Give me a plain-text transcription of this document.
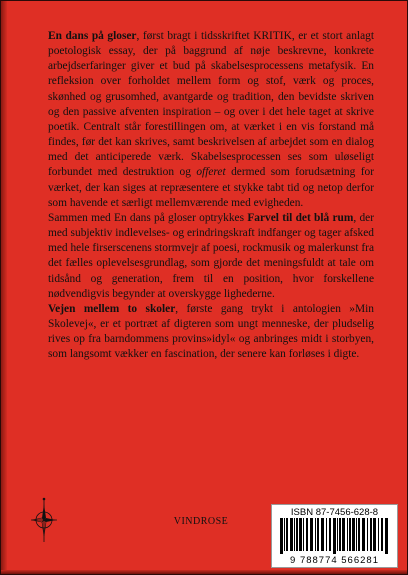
En dans på gloser, først bragt i tidsskriftet KRITIK, er et stort anlagt poetologisk essay, der på baggrund af nøje beskrevne, konkrete arbejdserfaringer giver et bud på skabelsesprocessens metafysik. En refleksion over forholdet mellem form og stof, værk og proces, skønhed og grusomhed, avantgarde og tradition, den bevidste skriven og den passive afventen inspiration – og over i det hele taget at skrive poetik. Centralt står forestillingen om, at værket i en vis forstand må findes, før det kan skrives, samt beskrivelsen af arbejdet som en dialog med det anticiperede værk. Skabelsesprocessen ses som uløseligt forbundet med destruktion og offeret dermed som forudsætning for værket, der kan siges at repræsentere et stykke tabt tid og netop derfor som havende et særligt mellemværende med evigheden.

Sammen med En dans på gloser optrykkes Farvel til det blå rum, der med subjektiv indlevelses- og erindringskraft indfanger og tager afsked med hele firserscenens stormvejr af poesi, rockmusik og malerkunst fra det fælles oplevelsesgrundlag, som gjorde det meningsfuldt at tale om tidsånd og generation, frem til en position, hvor forskellene nødvendigvis begynder at overskygge lighederne.

Vejen mellem to skoler, første gang trykt i antologien »Min Skolevej«, er et portræt af digteren som ungt menneske, der pludselig rives op fra barndommens provins»idyl« og anbringes midt i storbyen, som langsomt vækker en fascination, der senere kan forløses i digte.

VINDROSE
ISBN 87-7456-628-8
9 788774 566281
